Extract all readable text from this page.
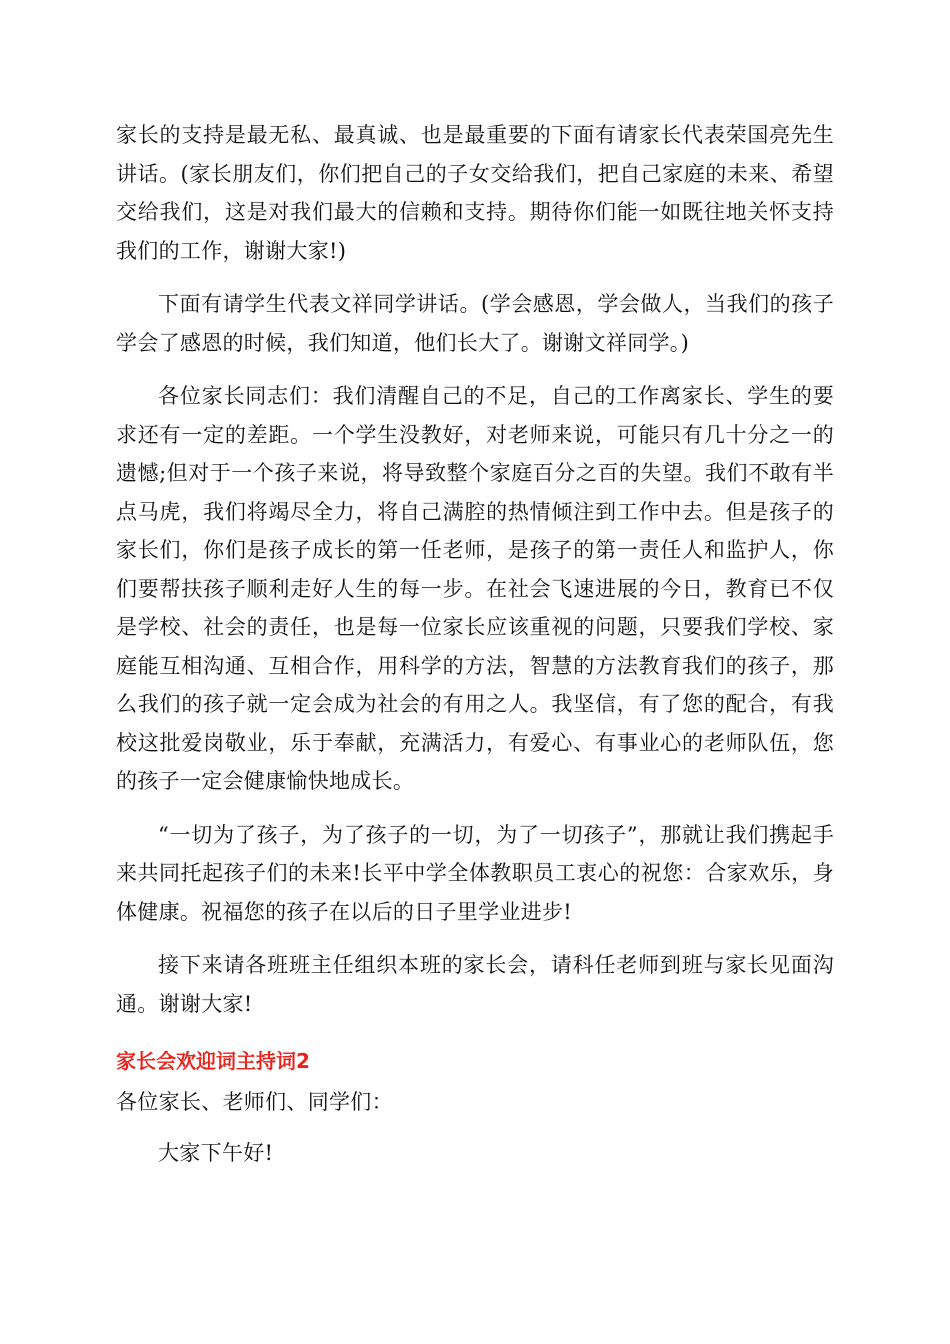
家长的支持是最无私、最真诚、也是最重要的下面有请家长代表荣国亮先生讲话。(家长朋友们，你们把自己的子女交给我们，把自己家庭的未来、希望交给我们，这是对我们最大的信赖和支持。期待你们能一如既往地关怀支持我们的工作，谢谢大家!)

下面有请学生代表文祥同学讲话。(学会感恩，学会做人，当我们的孩子学会了感恩的时候，我们知道，他们长大了。谢谢文祥同学。)

各位家长同志们：我们清醒自己的不足，自己的工作离家长、学生的要求还有一定的差距。一个学生没教好，对老师来说，可能只有几十分之一的遗憾;但对于一个孩子来说，将导致整个家庭百分之百的失望。我们不敢有半点马虎，我们将竭尽全力，将自己满腔的热情倾注到工作中去。但是孩子的家长们，你们是孩子成长的第一任老师，是孩子的第一责任人和监护人，你们要帮扶孩子顺利走好人生的每一步。在社会飞速进展的今日，教育已不仅是学校、社会的责任，也是每一位家长应该重视的问题，只要我们学校、家庭能互相沟通、互相合作，用科学的方法，智慧的方法教育我们的孩子，那么我们的孩子就一定会成为社会的有用之人。我坚信，有了您的配合，有我校这批爱岗敬业，乐于奉献，充满活力，有爱心、有事业心的老师队伍，您的孩子一定会健康愉快地成长。

“一切为了孩子，为了孩子的一切，为了一切孩子”，那就让我们携起手来共同托起孩子们的未来!长平中学全体教职员工衷心的祝您：合家欢乐，身体健康。祝福您的孩子在以后的日子里学业进步!

接下来请各班班主任组织本班的家长会，请科任老师到班与家长见面沟通。谢谢大家!

家长会欢迎词主持词2

各位家长、老师们、同学们：

大家下午好!
